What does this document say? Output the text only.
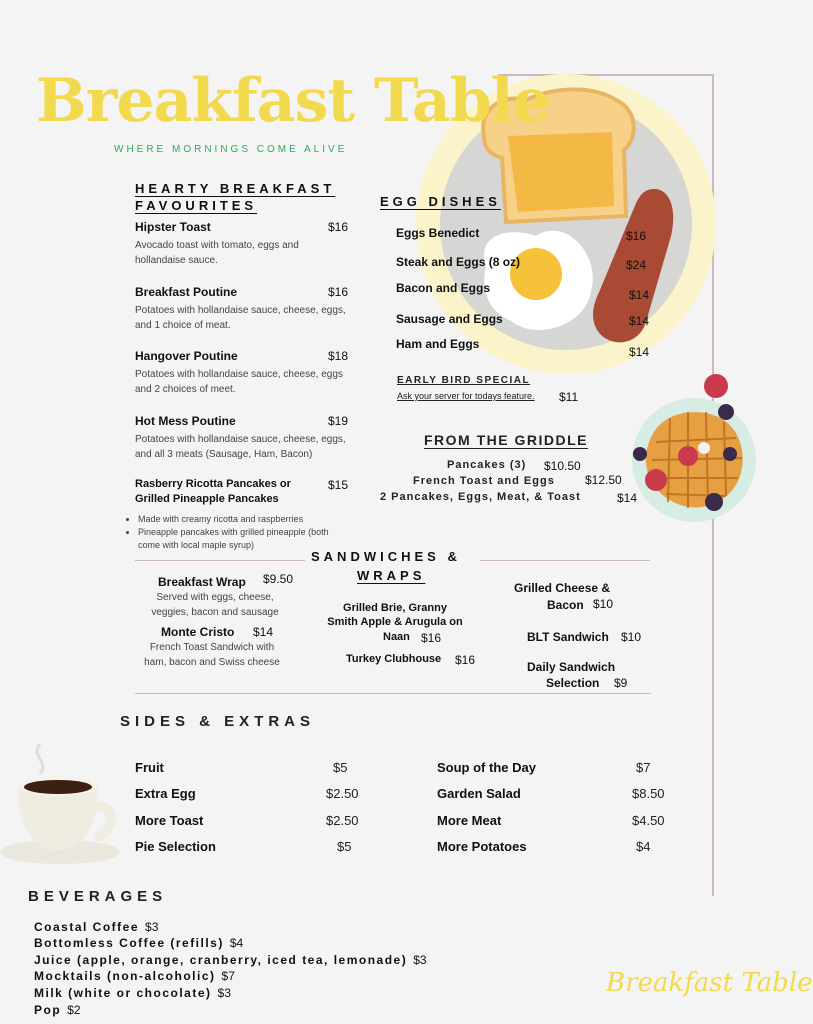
Breakfast Table
WHERE MORNINGS COME ALIVE
HEARTY BREAKFAST FAVOURITES
Hipster Toast
Avocado toast with tomato, eggs and hollandaise sauce.
$16
Breakfast Poutine
Potatoes with hollandaise sauce, cheese, eggs, and 1 choice of meat.
$16
Hangover Poutine
Potatoes with hollandaise sauce, cheese, eggs and 2 choices of meet.
$18
Hot Mess Poutine
Potatoes with hollandaise sauce, cheese, eggs, and all 3 meats (Sausage, Ham, Bacon)
$19
Rasberry Ricotta Pancakes or Grilled Pineapple Pancakes
$15
• Made with creamy ricotta and raspberries
• Pineapple pancakes with grilled pineapple (both come with local maple syrup)
EGG DISHES
Eggs Benedict	$16
Steak and Eggs (8 oz)	$24
Bacon and Eggs	$14
Sausage and Eggs	$14
Ham and Eggs
$14
EARLY BIRD SPECIAL
Ask your server for todays feature. $11
FROM THE GRIDDLE
Pancakes (3) $10.50
French Toast and Eggs	$12.50
2 Pancakes, Eggs, Meat, & Toast	$14
SANDWICHES &
WRAPS
Breakfast Wrap $9.50
Served with eggs, cheese,
veggies, bacon and sausage
Monte Cristo $14
French Toast Sandwich with
ham, bacon and Swiss cheese
Grilled Brie, Granny
Smith Apple & Arugula on
Naan $16
Turkey Clubhouse $16
Grilled Cheese &
Bacon $10
BLT Sandwich $10
Daily Sandwich
Selection $9
SIDES & EXTRAS
Fruit	$5
Extra Egg	$2.50
More Toast	$2.50
Pie Selection	$5
Soup of the Day	$7
Garden Salad	$8.50
More Meat	$4.50
More Potatoes	$4
BEVERAGES
Coastal Coffee $3
Bottomless Coffee (refills) $4
Juice (apple, orange, cranberry, iced tea, lemonade) $3
Mocktails (non-alcoholic) $7
Milk (white or chocolate) $3
Pop $2
Breakfast Table
